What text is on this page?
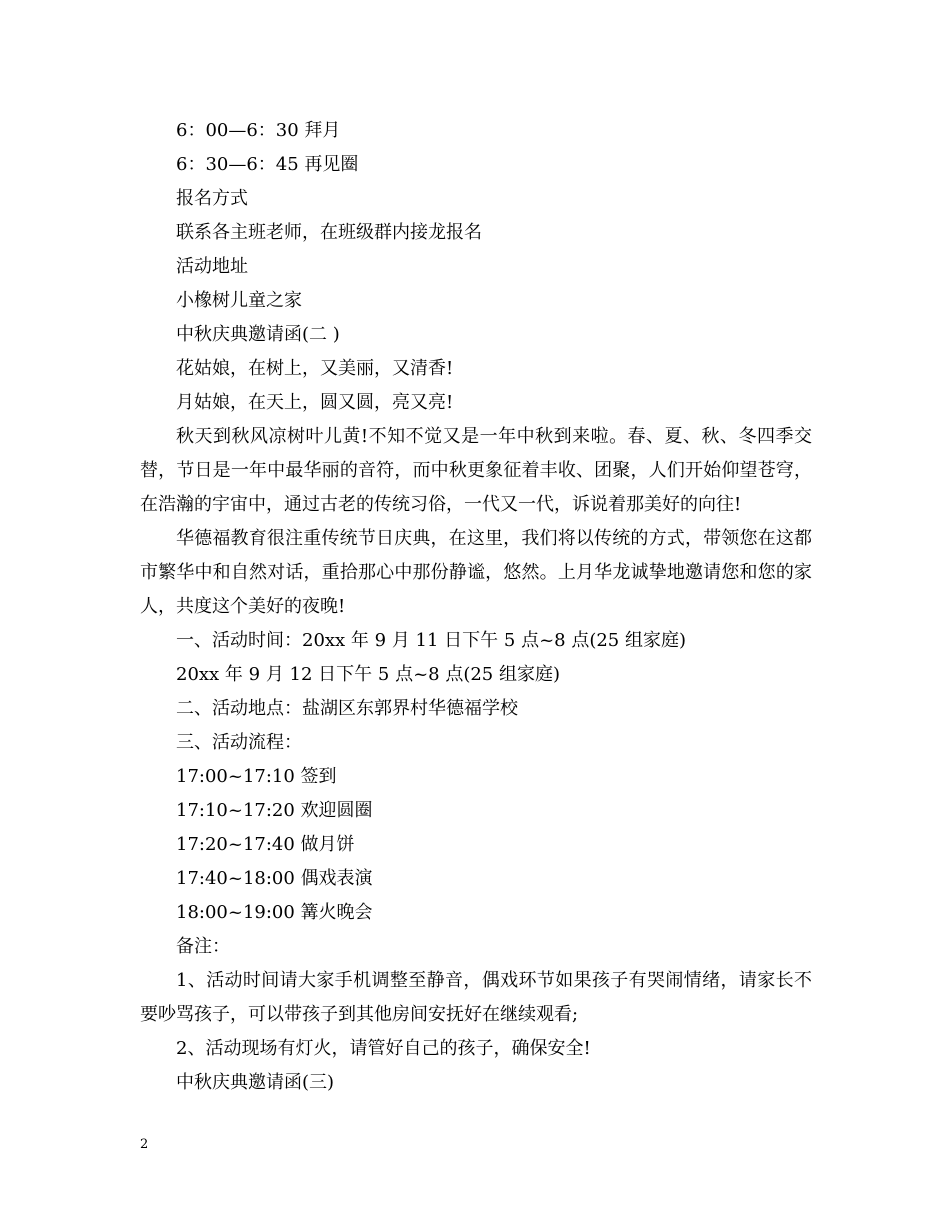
6：00—6：30 拜月

6：30—6：45 再见圈

报名方式

联系各主班老师，在班级群内接龙报名

活动地址

小橡树儿童之家

中秋庆典邀请函(二 )

花姑娘，在树上，又美丽，又清香!

月姑娘，在天上，圆又圆，亮又亮!

秋天到秋风凉树叶儿黄!不知不觉又是一年中秋到来啦。春、夏、秋、冬四季交替，节日是一年中最华丽的音符，而中秋更象征着丰收、团聚，人们开始仰望苍穹，在浩瀚的宇宙中，通过古老的传统习俗，一代又一代，诉说着那美好的向往!

华德福教育很注重传统节日庆典，在这里，我们将以传统的方式，带领您在这都市繁华中和自然对话，重拾那心中那份静谧，悠然。上月华龙诚挚地邀请您和您的家人，共度这个美好的夜晚!

一、活动时间：20xx 年 9 月 11 日下午 5 点~8 点(25 组家庭)

20xx 年 9 月 12 日下午 5 点~8 点(25 组家庭)

二、活动地点：盐湖区东郭界村华德福学校

三、活动流程：

17:00~17:10 签到

17:10~17:20 欢迎圆圈

17:20~17:40 做月饼

17:40~18:00 偶戏表演

18:00~19:00 篝火晚会

备注：

1、活动时间请大家手机调整至静音，偶戏环节如果孩子有哭闹情绪，请家长不要吵骂孩子，可以带孩子到其他房间安抚好在继续观看;

2、活动现场有灯火，请管好自己的孩子，确保安全!

中秋庆典邀请函(三)

2
